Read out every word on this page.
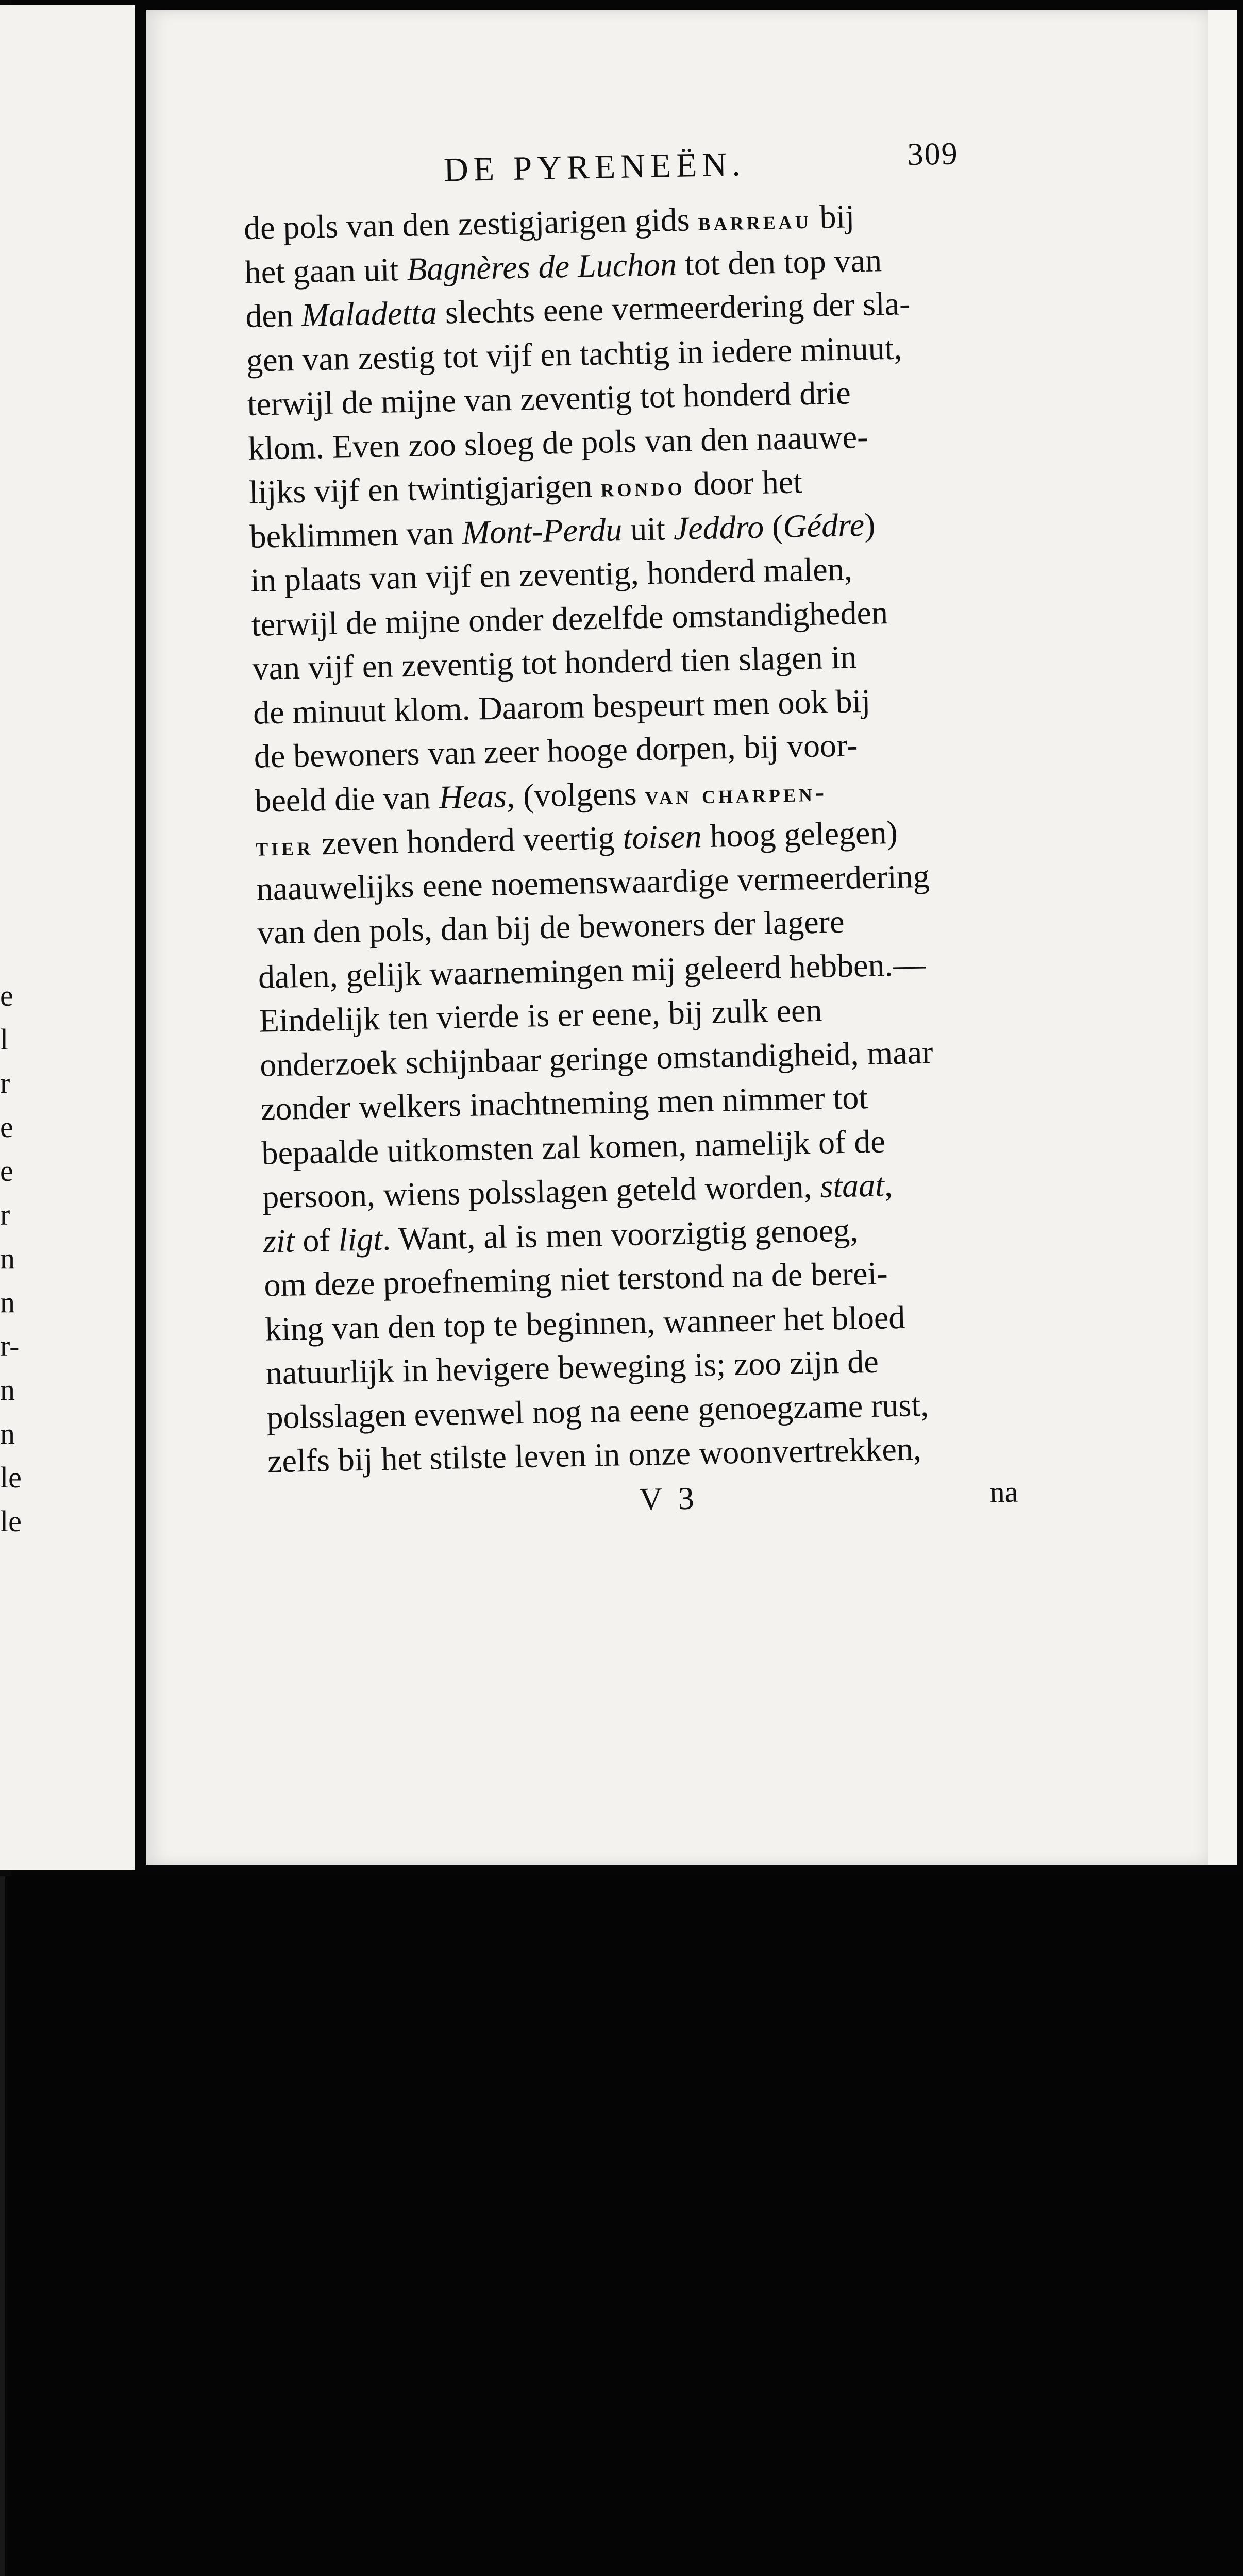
e
l
r
e
e
r
n
n
r-
n
n
le
le
DE PYRENEËN.	309
de pols van den zestigjarigen gids barreau bij
het gaan uit Bagnères de Luchon tot den top van
den Maladetta slechts eene vermeerdering der sla-
gen van zestig tot vijf en tachtig in iedere minuut,
terwijl de mijne van zeventig tot honderd drie
klom. Even zoo sloeg de pols van den naauwe-
lijks vijf en twintigjarigen rondo door het
beklimmen van Mont-Perdu uit Jeddro (Gédre)
in plaats van vijf en zeventig, honderd malen,
terwijl de mijne onder dezelfde omstandigheden
van vijf en zeventig tot honderd tien slagen in
de minuut klom. Daarom bespeurt men ook bij
de bewoners van zeer hooge dorpen, bij voor-
beeld die van Heas, (volgens van charpen-
tier zeven honderd veertig toisen hoog gelegen)
naauwelijks eene noemenswaardige vermeerdering
van den pols, dan bij de bewoners der lagere
dalen, gelijk waarnemingen mij geleerd hebben.—
Eindelijk ten vierde is er eene, bij zulk een
onderzoek schijnbaar geringe omstandigheid, maar
zonder welkers inachtneming men nimmer tot
bepaalde uitkomsten zal komen, namelijk of de
persoon, wiens polsslagen geteld worden, staat,
zit of ligt. Want, al is men voorzigtig genoeg,
om deze proefneming niet terstond na de berei-
king van den top te beginnen, wanneer het bloed
natuurlijk in hevigere beweging is; zoo zijn de
polsslagen evenwel nog na eene genoegzame rust,
zelfs bij het stilste leven in onze woonvertrekken,
V 3	na
